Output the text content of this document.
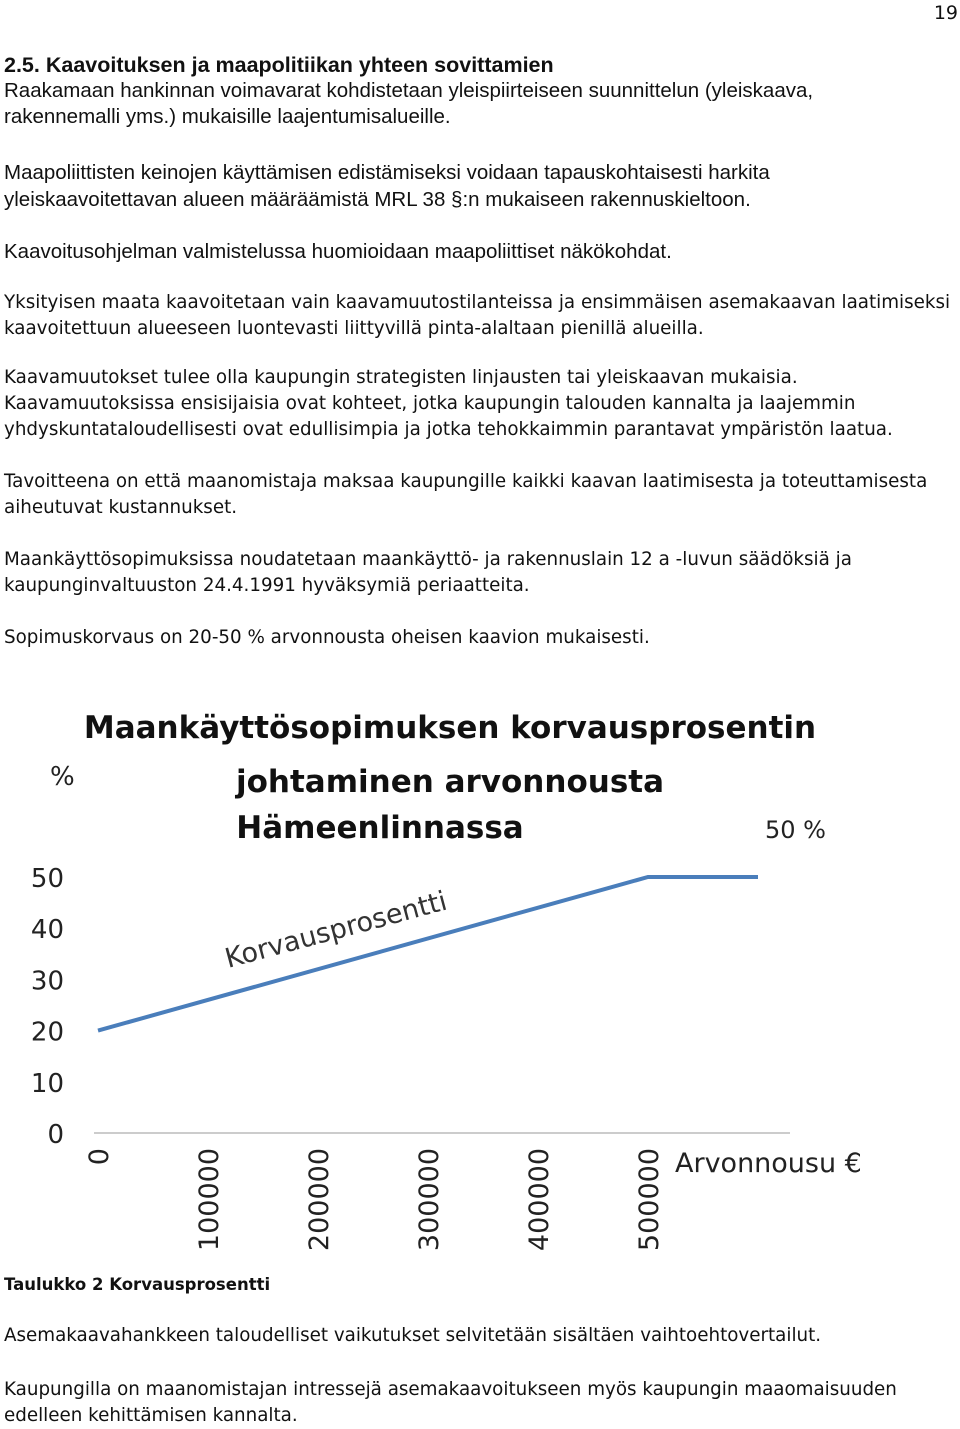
19

2.5. Kaavoituksen ja maapolitiikan yhteen sovittamien

Raakamaan hankinnan voimavarat kohdistetaan yleispiirteiseen suunnittelun (yleiskaava, rakennemalli yms.) mukaisille laajentumisalueille.

Maapoliittisten keinojen käyttämisen edistämiseksi voidaan tapauskohtaisesti harkita yleiskaavoitettavan alueen määräämistä MRL 38 §:n mukaiseen rakennuskieltoon.

Kaavoitusohjelman valmistelussa huomioidaan maapoliittiset näkökohdat.

Yksityisen maata kaavoitetaan vain kaavamuutostilanteissa ja ensimmäisen asemakaavan laatimiseksi kaavoitettuun alueeseen luontevasti liittyvillä pinta-alaltaan pienillä alueilla.

Kaavamuutokset tulee olla kaupungin strategisten linjausten tai yleiskaavan mukaisia. Kaavamuutoksissa ensisijaisia ovat kohteet, jotka kaupungin talouden kannalta ja laajemmin yhdyskuntataloudellisesti ovat edullisimpia ja jotka tehokkaimmin parantavat ympäristön laatua.

Tavoitteena on että maanomistaja maksaa kaupungille kaikki kaavan laatimisesta ja toteuttamisesta aiheutuvat kustannukset.

Maankäyttösopimuksissa noudatetaan maankäyttö- ja rakennuslain 12 a -luvun säädöksiä ja kaupunginvaltuuston 24.4.1991 hyväksymiä periaatteita.

Sopimuskorvaus on 20-50 % arvonnousta oheisen kaavion mukaisesti.

Maankäyttösopimuksen korvausprosentin
johtaminen arvonnousta
Hämeenlinnassa
%
50 %
0
10
20
30
40
50
0	100000	200000	300000	400000	500000 Arvonnousu €
Korvausprosentti
Taulukko 2 Korvausprosentti
Asemakaavahankkeen taloudelliset vaikutukset selvitetään sisältäen vaihtoehtovertailut.
Kaupungilla on maanomistajan intressejä asemakaavoitukseen myös kaupungin maaomaisuuden edelleen kehittämisen kannalta.
